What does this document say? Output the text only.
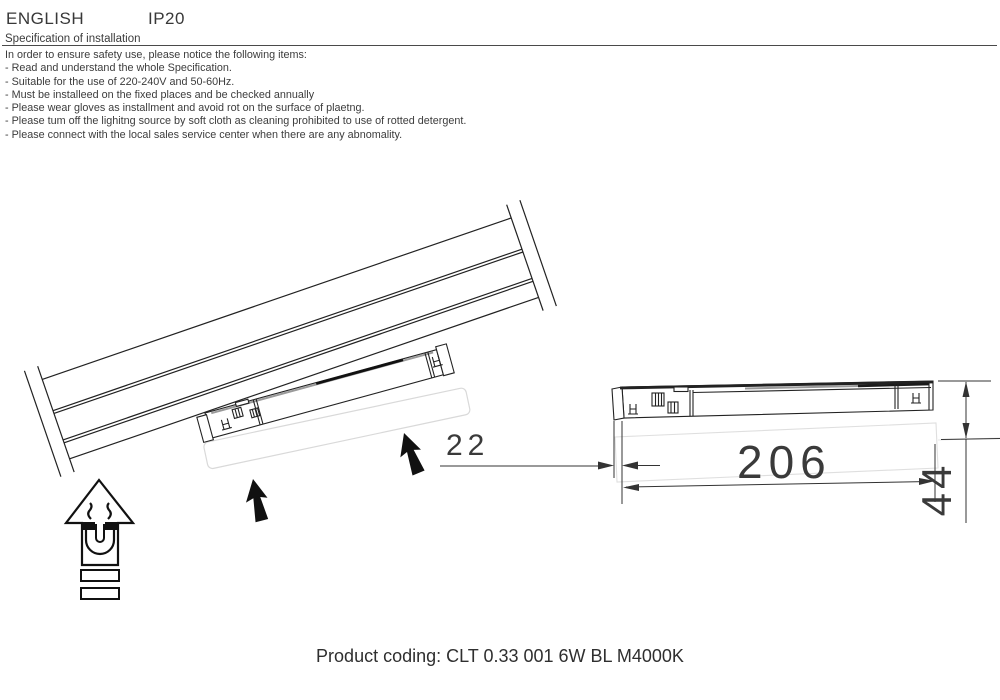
ENGLISH	IP20
Specification of installation
In order to ensure safety use, please notice the following items:
- Read and understand the whole Specification.
- Suitable for the use of 220-240V and 50-60Hz.
- Must be installeed on the fixed places and be checked annually
- Please wear gloves as installment and avoid rot on the surface of plaetng.
- Please tum off the lighitng source by soft cloth as cleaning prohibited to use of rotted detergent.
- Please connect with the local sales service center when there are any abnomality.
22	206 44
Product coding: CLT 0.33 001 6W BL M4000K
